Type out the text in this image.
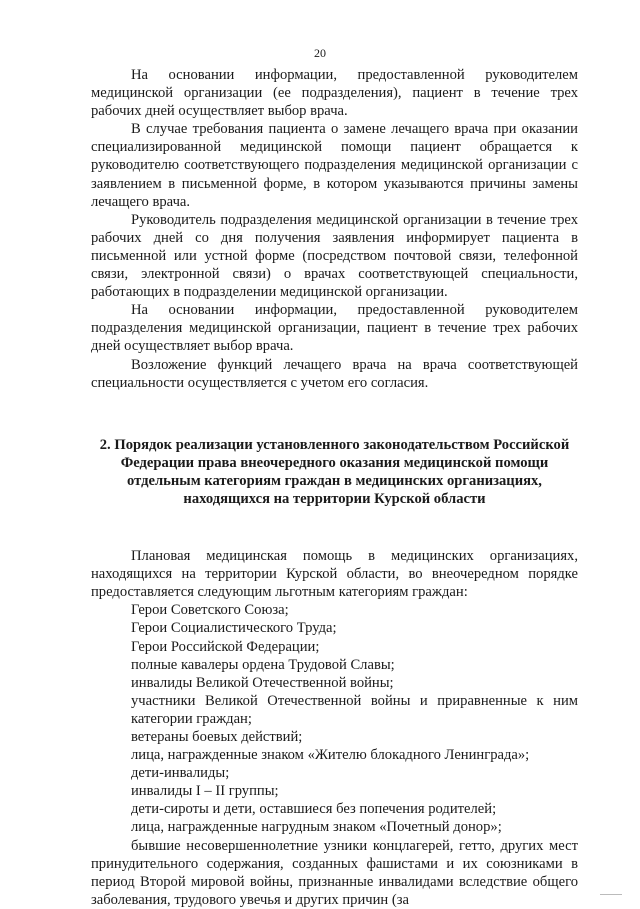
20

На основании информации, предоставленной руководителем медицинской организации (ее подразделения), пациент в течение трех рабочих дней осуществляет выбор врача.

В случае требования пациента о замене лечащего врача при оказании специализированной медицинской помощи пациент обращается к руководителю соответствующего подразделения медицинской организации с заявлением в письменной форме, в котором указываются причины замены лечащего врача.

Руководитель подразделения медицинской организации в течение трех рабочих дней со дня получения заявления информирует пациента в письменной или устной форме (посредством почтовой связи, телефонной связи, электронной связи) о врачах соответствующей специальности, работающих в подразделении медицинской организации.

На основании информации, предоставленной руководителем подразделения медицинской организации, пациент в течение трех рабочих дней осуществляет выбор врача.

Возложение функций лечащего врача на врача соответствующей специальности осуществляется с учетом его согласия.

2. Порядок реализации установленного законодательством Российской Федерации права внеочередного оказания медицинской помощи отдельным категориям граждан в медицинских организациях, находящихся на территории Курской области

Плановая медицинская помощь в медицинских организациях, находящихся на территории Курской области, во внеочередном порядке предоставляется следующим льготным категориям граждан:

Герои Советского Союза;
Герои Социалистического Труда;
Герои Российской Федерации;
полные кавалеры ордена Трудовой Славы;
инвалиды Великой Отечественной войны;
участники Великой Отечественной войны и приравненные к ним категории граждан;
ветераны боевых действий;
лица, награжденные знаком «Жителю блокадного Ленинграда»;
дети-инвалиды;
инвалиды I – II группы;
дети-сироты и дети, оставшиеся без попечения родителей;
лица, награжденные нагрудным знаком «Почетный донор»;
бывшие несовершеннолетние узники концлагерей, гетто, других мест принудительного содержания, созданных фашистами и их союзниками в период Второй мировой войны, признанные инвалидами вследствие общего заболевания, трудового увечья и других причин (за
